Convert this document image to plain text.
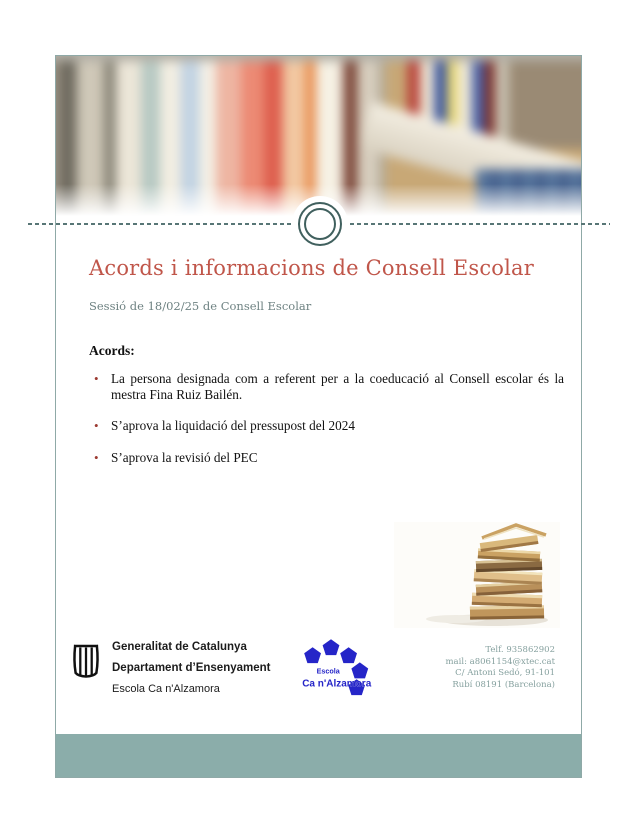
Acords i informacions de Consell Escolar
Sessió de 18/02/25 de Consell Escolar
Acords:
• La persona designada com a referent per a la coeducació al Consell escolar és la mestra Fina Ruiz Bailén.
• S’aprova la liquidació del pressupost del 2024
• S’aprova la revisió del PEC
Generalitat de Catalunya
Departament d’Ensenyament
Escola Ca n'Alzamora
Escola
Ca n'Alzamora
Telf. 935862902
mail: a8061154@xtec.cat
C/ Antoni Sedó, 91-101
Rubí 08191 (Barcelona)
